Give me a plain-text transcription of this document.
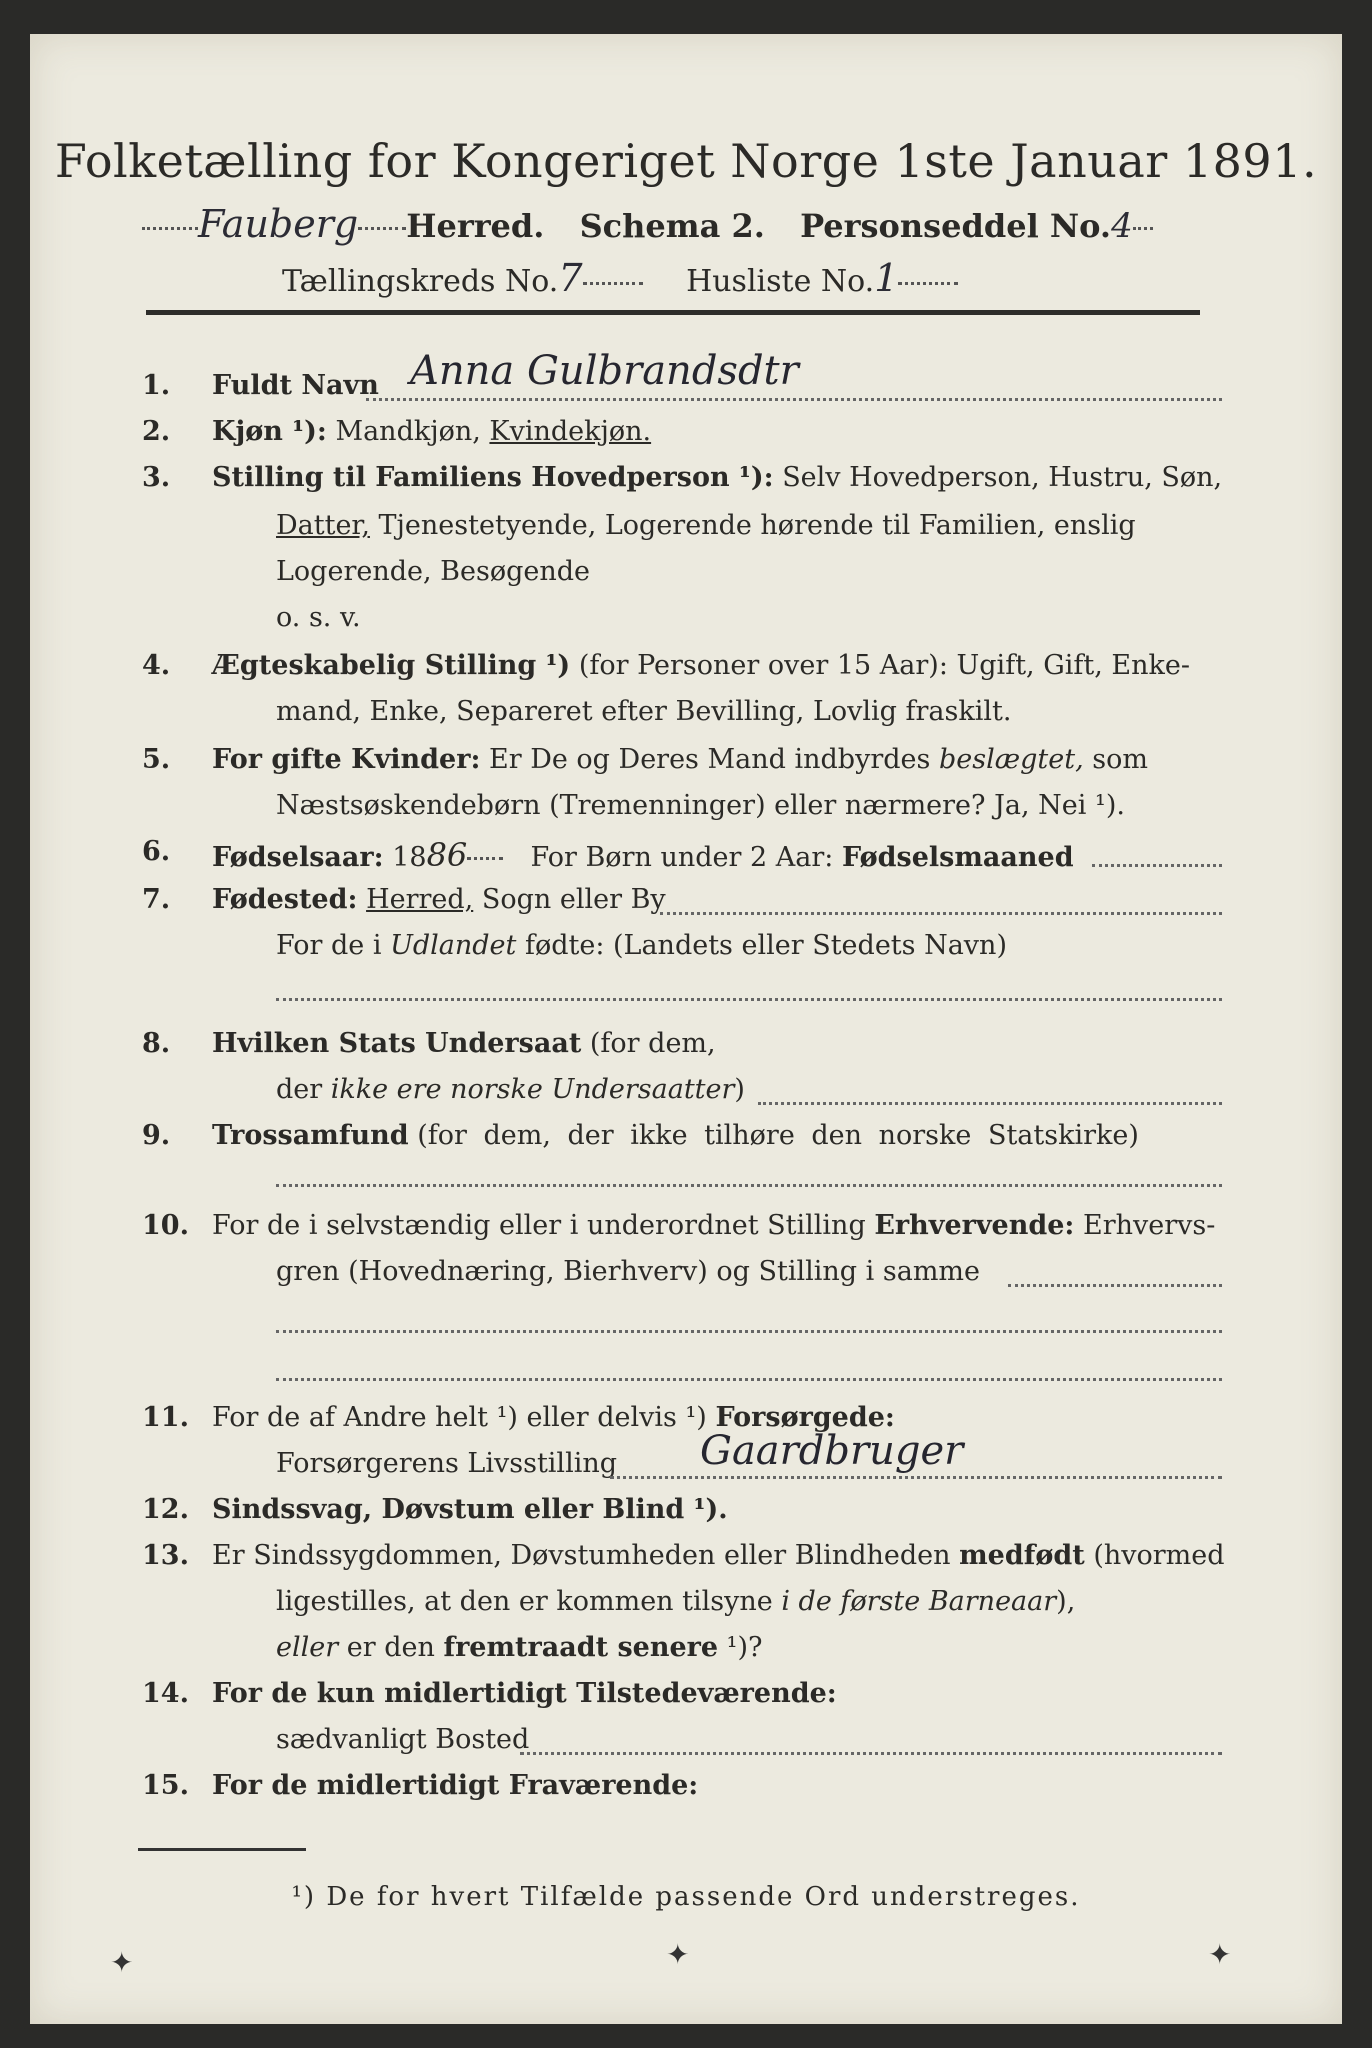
Folketælling for Kongeriget Norge 1ste Januar 1891.
Fauberg Herred. Schema 2. Personseddel No.4
Tællingskreds No.7	Husliste No.1
1. Fuldt Navn Anna Gulbrandsdtr
2. Kjøn ¹): Mandkjøn, Kvindekjøn.
3. Stilling til Familiens Hovedperson ¹): Selv Hovedperson, Hustru, Søn,
Datter, Tjenestetyende, Logerende hørende til Familien, enslig
Logerende, Besøgende
o. s. v.
4. Ægteskabelig Stilling ¹) (for Personer over 15 Aar): Ugift, Gift, Enke-
mand, Enke, Separeret efter Bevilling, Lovlig fraskilt.
5. For gifte Kvinder: Er De og Deres Mand indbyrdes beslægtet, som
Næstsøskendebørn (Tremenninger) eller nærmere? Ja, Nei ¹).
6. Fødselsaar: 1886 For Børn under 2 Aar: Fødselsmaaned
7. Fødested: Herred, Sogn eller By
For de i Udlandet fødte: (Landets eller Stedets Navn)
8. Hvilken Stats Undersaat (for dem,
der ikke ere norske Undersaatter)
9. Trossamfund (for dem, der ikke tilhøre den norske Statskirke)
10. For de i selvstændig eller i underordnet Stilling Erhvervende: Erhvervs-
gren (Hovednæring, Bierhverv) og Stilling i samme
11. For de af Andre helt ¹) eller delvis ¹) Forsørgede:
Forsørgerens Livsstilling Gaardbruger
12. Sindssvag, Døvstum eller Blind ¹).
13. Er Sindssygdommen, Døvstumheden eller Blindheden medfødt (hvormed
ligestilles, at den er kommen tilsyne i de første Barneaar),
eller er den fremtraadt senere ¹)?
14. For de kun midlertidigt Tilstedeværende:
sædvanligt Bosted
15. For de midlertidigt Fraværende:
¹) De for hvert Tilfælde passende Ord understreges.
✦	✦	✦
